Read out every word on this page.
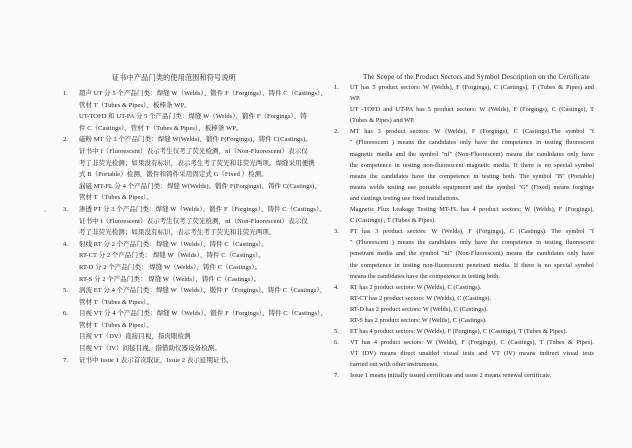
证书中产品门类的使用范围和符号说明
1. 超声 UT 分 5 个产品门类：焊缝 W（Welds）、锻件 F（Forgings）、铸件 C（Castings）、
管材 T（Tubes & Pipes）、板棒条 WP。
UT-TOFD 和 UT-PA 分 5 个产品门类：焊缝 W（Welds）、锻件 F（Forgings）、铸
件 C（Castings）、管材 T（Tubes & Pipes）、板棒条 WP。
2. 磁粉 MT 分 3 个产品门类：焊缝 W(Welds)、锻件 F(Forgings)、铸件 C(Castings)。
证书中 f（Fluorescent）表示考生仅考了荧光检测，nf（Non-Fluorescent）表示仅
考了非荧光检测；如果没有标识，表示考生考了荧光和非荧光两项。焊缝采用便携
式 B（Portable）检测，锻件和铸件采用固定式 G（Fixed ）检测。
漏磁 MT-FL 分 4 个产品门类：焊缝 W(Welds)、锻件 F(Forgings)、铸件 C(Castings)、
管材 T（Tubes & Pipes）。
3. 渗透 PT 分 3 个产品门类：焊缝 W（Welds）、锻件 F（Forgings）、铸件 C（Castings）。
证书中 f（Fluorescent）表示考生仅考了荧光检测，nf（Non-Fluorescent）表示仅
考了非荧光检测；如果没有标识，表示考生考了荧光和非荧光两项。
4. 射线 RT 分 2 个产品门类：焊缝 W（Welds）、铸件 C（Castings）。
RT-CT 分 2 个产品门类： 焊缝 W（Welds）、铸件 C（Castings）。
RT-D 分 2 个产品门类： 焊缝 W（Welds）、铸件 C（Castings）。
RT-S 分 2 个产品门类： 焊缝 W（Welds）、铸件 C（Castings）。
5. 涡流 ET 分 4 个产品门类：焊缝 W（Welds）、锻件 F（Forgings）、铸件 C（Castings）、
管材 T（Tubes & Pipes）。
6. 目视 VT 分 4 个产品门类：焊缝 W（Welds）、锻件 F（Forgings）、铸件 C（Castings）、
管材 T（Tubes & Pipes）。
目视 VT（DV）直接目视，指肉眼检测
目视 VT（IV）间接目视，指借助仪器设备检测。
7. 证书中 Issue 1 表示首次取证，Issue 2 表示延期证书。
The Scope of the Product Sectors and Symbol Description on the Certificate
1. UT has 5 product sectors: W (Welds), F (Forgings), C (Castings), T (Tubes & Pipes) and
WP.
UT -TOFD and UT-PA has 5 product sectors: W (Welds), F (Forgings), C (Castings), T
(Tubes & Pipes) and WP.
2. MT has 3 product sectors: W (Welds), F (Forgings), C (Castings).The symbol "f
" (Fluorescent ) means the candidates only have the competence in testing fluorescent
magnetic media and the symbol "nf" (Non-Fluorescent) means the candidates only have
the competence in testing non-fluorescent magnetic media. If there is no special symbol
means the candidates have the competence in testing both. The symbol "B" (Portable)
means welds testing use portable equipment and the symbol "G" (Fixed) means forgings
and castings testing use fixed installations.
Magnetic Flux Leakage Testing MT-FL has 4 product sectors: W (Welds), F (Forgings),
C (Castings) , T (Tubes & Pipes).
3. PT has 3 product sectors: W (Welds), F (Forgings), C (Castings). The symbol "f
" (Fluorescent ) means the candidates only have the competence in testing fluorescent
penetrant media and the symbol "nf" (Non-Fluorescent) means the candidates only have
the competence in testing non-fluorescent penetrant media. If there is no special symbol
means the candidates have the competence in testing both.
4. RT has 2 product sectors: W (Welds), C (Castings).
RT-CT has 2 product sectors: W (Welds), C (Castings).
RT-D has 2 product sectors: W (Welds), C (Castings).
RT-S has 2 product sectors: W (Welds), C (Castings).
5. ET has 4 product sectors: W (Welds), F (Forgings), C (Castings), T (Tubes & Pipes).
6. VT has 4 product sectors: W (Welds), F (Forgings), C (Castings), T (Tubes & Pipes).
VT (DV) means direct unaided visual tests and VT (IV) means indirect visual tests
carried out with other instruments.
7. Issue 1 means initially issued certificate and issue 2 means renewal certificate.
